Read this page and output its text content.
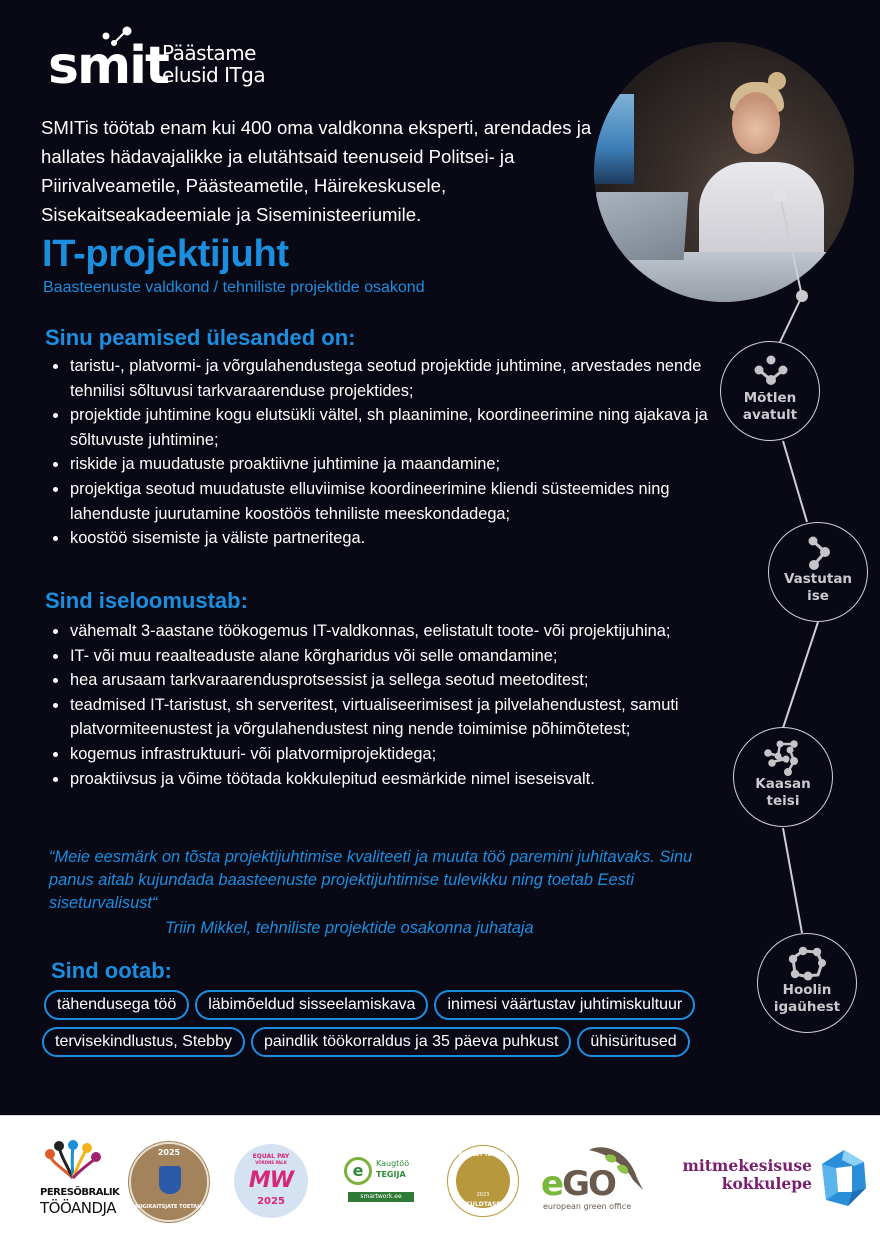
smit
Päästame
elusid ITga

SMITis töötab enam kui 400 oma valdkonna eksperti, arendades ja hallates hädavajalikke ja elutähtsaid teenuseid Politsei- ja Piirivalveametile, Päästeametile, Häirekeskusele, Sisekaitseakadeemiale ja Siseministeeriumile.

IT-projektijuht
Baasteenuste valdkond / tehniliste projektide osakond
Sinu peamised ülesanded on:
taristu-, platvormi- ja võrgulahendustega seotud projektide juhtimine, arvestades nende tehnilisi sõltuvusi tarkvaraarenduse projektides;
projektide juhtimine kogu elutsükli vältel, sh plaanimine, koordineerimine ning ajakava ja sõltuvuste juhtimine;
riskide ja muudatuste proaktiivne juhtimine ja maandamine;
projektiga seotud muudatuste elluviimise koordineerimine kliendi süsteemides ning lahenduste juurutamine koostöös tehniliste meeskondadega;
koostöö sisemiste ja väliste partneritega.
Sind iseloomustab:
vähemalt 3-aastane töökogemus IT-valdkonnas, eelistatult toote- või projektijuhina;
IT- või muu reaalteaduste alane kõrgharidus või selle omandamine;
hea arusaam tarkvaraarendusprotsessist ja sellega seotud meetoditest;
teadmised IT-taristust, sh serveritest, virtualiseerimisest ja pilvelahendustest, samuti platvormiteenustest ja võrgulahendustest ning nende toimimise põhimõtetest;
kogemus infrastruktuuri- või platvormiprojektidega;
proaktiivsus ja võime töötada kokkulepitud eesmärkide nimel iseseisvalt.

“Meie eesmärk on tõsta projektijuhtimise kvaliteeti ja muuta töö paremini juhitavaks. Sinu panus aitab kujundada baasteenuste projektijuhtimise tulevikku ning toetab Eesti siseturvalisust“

Triin Mikkel, tehniliste projektide osakonna juhataja
Sind ootab:
tähendusega töö	läbimõeldud sisseelamiskava	inimesi väärtustav juhtimiskultuur
tervisekindlustus, Stebby	paindlik töökorraldus ja 35 päeva puhkust	ühisüritused
Mõtlen
avatult
Vastutan
ise
Kaasan
teisi
Hoolin
igaühest
PERESÕBRALIK
TÖÖANDJA
2025
RIIGIKAITSJATE TOETAJA
EQUAL PAY
VÕRDNE PALK
MW
2025
e	Kaugtöö
TEGIJA
smartwork.ee
VAIMSET TERVIST
2023
KULDTASE
eGO
european green office
mitmekesisuse
kokkulepe
